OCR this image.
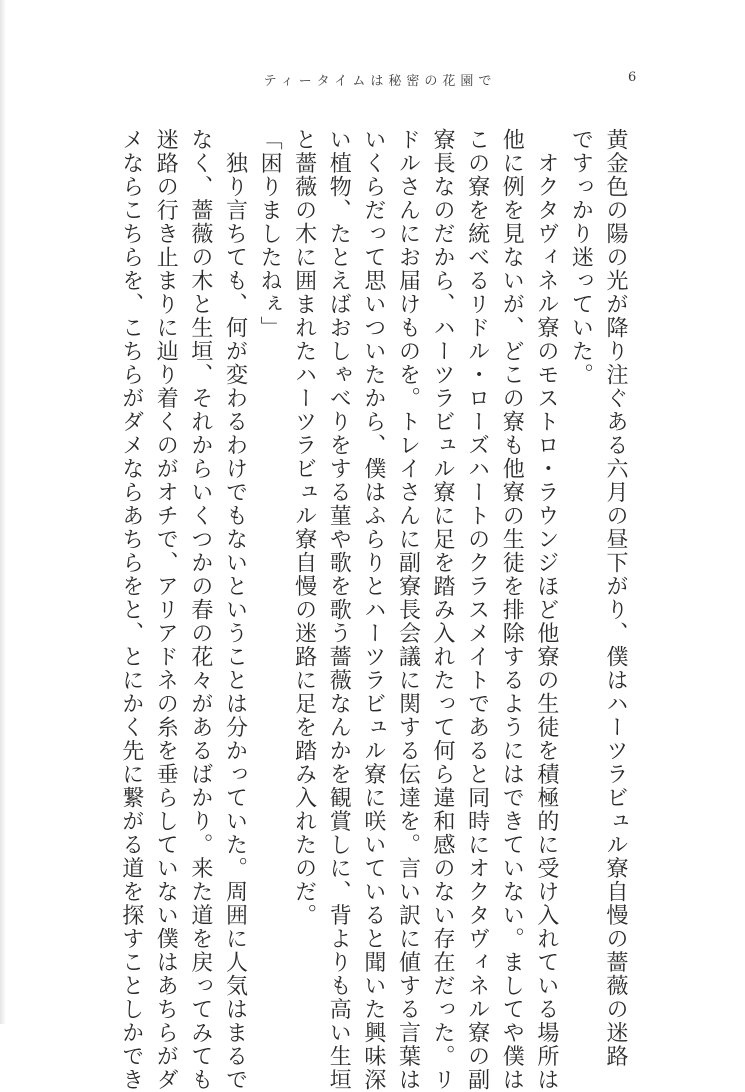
ティータイムは秘密の花園で	6
黄金色の陽の光が降り注ぐある六月の昼下がり、僕はハーツラビュル寮自慢の薔薇の迷路
ですっかり迷っていた。
　オクタヴィネル寮のモストロ・ラウンジほど他寮の生徒を積極的に受け入れている場所は
他に例を見ないが、どこの寮も他寮の生徒を排除するようにはできていない。ましてや僕は
この寮を統べるリドル・ローズハートのクラスメイトであると同時にオクタヴィネル寮の副
寮長なのだから、ハーツラビュル寮に足を踏み入れたって何ら違和感のない存在だった。リ
ドルさんにお届けものを。トレイさんに副寮長会議に関する伝達を。言い訳に値する言葉は
いくらだって思いついたから、僕はふらりとハーツラビュル寮に咲いていると聞いた興味深
い植物、たとえばおしゃべりをする菫や歌を歌う薔薇なんかを観賞しに、背よりも高い生垣
と薔薇の木に囲まれたハーツラビュル寮自慢の迷路に足を踏み入れたのだ。
「困りましたねぇ」
　独り言ちても、何が変わるわけでもないということは分かっていた。周囲に人気はまるで
なく、薔薇の木と生垣、それからいくつかの春の花々があるばかり。来た道を戻ってみても
迷路の行き止まりに辿り着くのがオチで、アリアドネの糸を垂らしていない僕はあちらがダ
メならこちらを、こちらがダメならあちらをと、とにかく先に繋がる道を探すことしかでき
